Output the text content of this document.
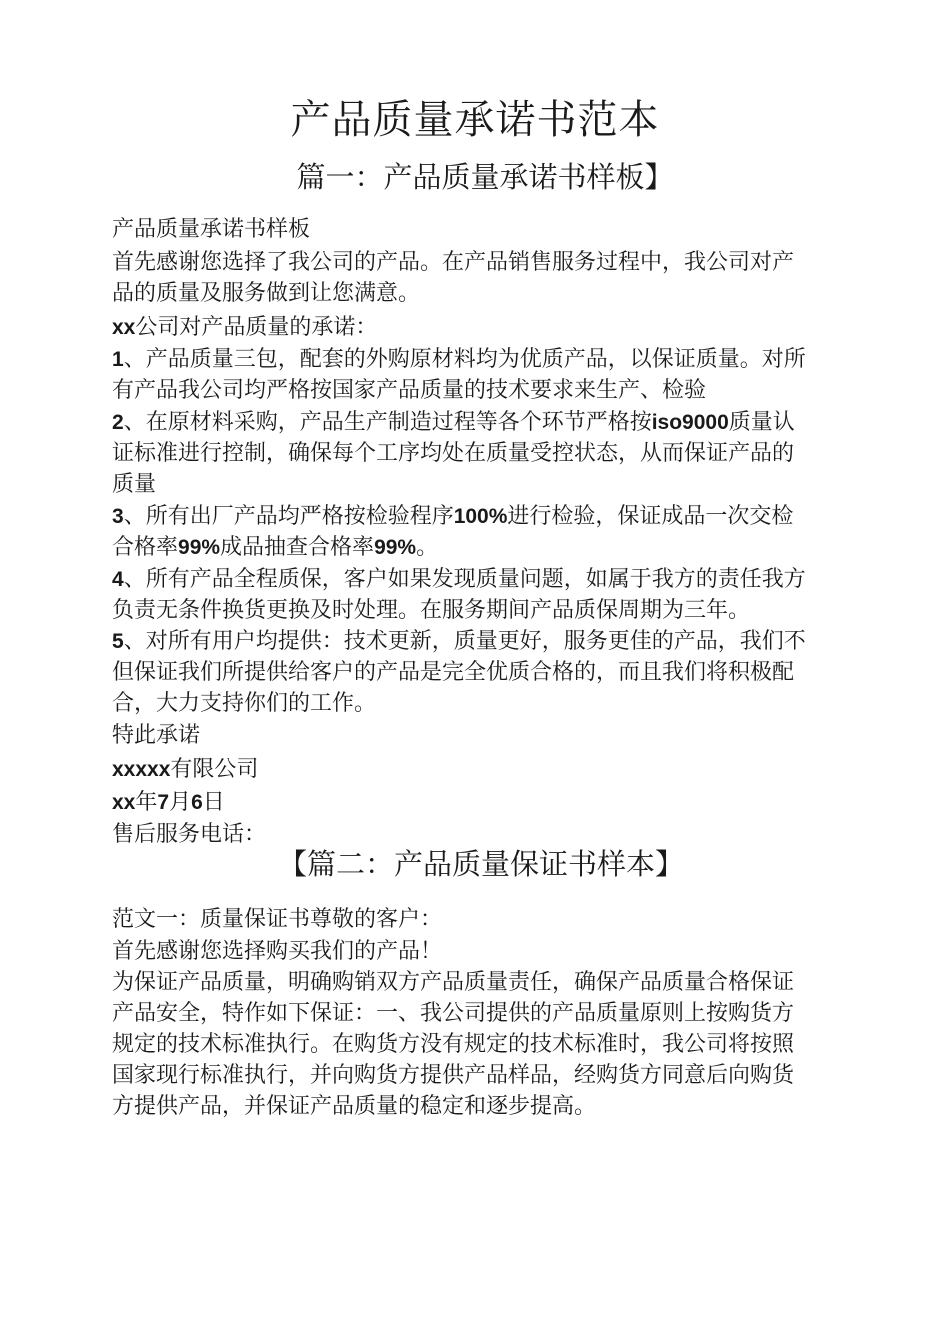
产品质量承诺书范本
篇一：产品质量承诺书样板】
产品质量承诺书样板
首先感谢您选择了我公司的产品。在产品销售服务过程中，我公司对产
品的质量及服务做到让您满意。
xx公司对产品质量的承诺：
1、产品质量三包，配套的外购原材料均为优质产品，以保证质量。对所
有产品我公司均严格按国家产品质量的技术要求来生产、检验
2、在原材料采购，产品生产制造过程等各个环节严格按iso9000质量认
证标准进行控制，确保每个工序均处在质量受控状态，从而保证产品的
质量
3、所有出厂产品均严格按检验程序100%进行检验，保证成品一次交检
合格率99%成品抽查合格率99%。
4、所有产品全程质保，客户如果发现质量问题，如属于我方的责任我方
负责无条件换货更换及时处理。在服务期间产品质保周期为三年。
5、对所有用户均提供：技术更新，质量更好，服务更佳的产品，我们不
但保证我们所提供给客户的产品是完全优质合格的，而且我们将积极配
合，大力支持你们的工作。
特此承诺
xxxxx有限公司
xx年7月6日
售后服务电话：
【篇二：产品质量保证书样本】
范文一：质量保证书尊敬的客户：
首先感谢您选择购买我们的产品！
为保证产品质量，明确购销双方产品质量责任，确保产品质量合格保证
产品安全，特作如下保证：一、我公司提供的产品质量原则上按购货方
规定的技术标准执行。在购货方没有规定的技术标准时，我公司将按照
国家现行标准执行，并向购货方提供产品样品，经购货方同意后向购货
方提供产品，并保证产品质量的稳定和逐步提高。
